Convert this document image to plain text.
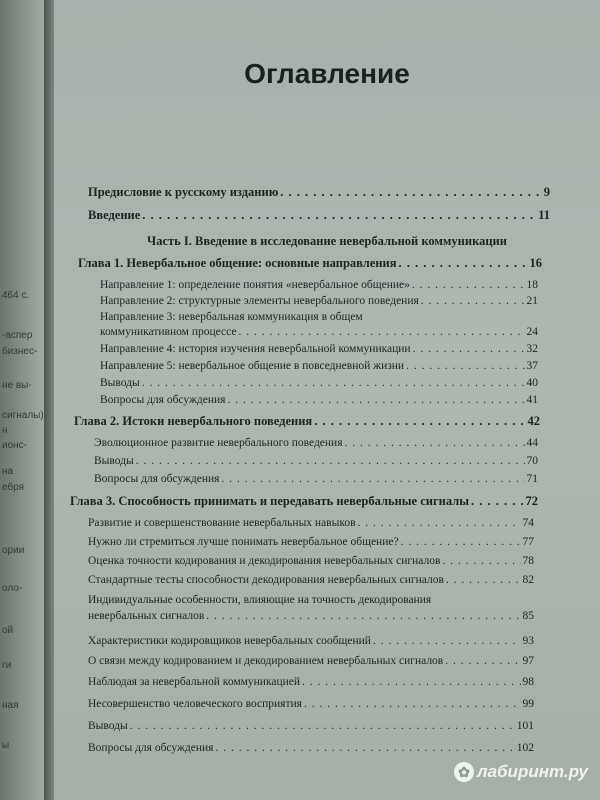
464 с.
-аспер
бизнес-
не вы-
сигналы)
н
ионс-
на
ебря
ории
оло-
ой
ги
ная
ы
Оглавление
Предисловие к русскому изданию . . .	9
Введение . . .	11
Часть I. Введение в исследование невербальной коммуникации
Глава 1. Невербальное общение: основные направления . . .	16
Направление 1: определение понятия «невербальное общение» . . .	18
Направление 2: структурные элементы невербального поведения . . .	21
Направление 3: невербальная коммуникация в общем
коммуникативном процессе . . .	24
Направление 4: история изучения невербальной коммуникации . . .	32
Направление 5: невербальное общение в повседневной жизни . . .	37
Выводы . . .	40
Вопросы для обсуждения . . .	41
Глава 2. Истоки невербального поведения . . .	42
Эволюционное развитие невербального поведения . . .	44
Выводы . . .	70
Вопросы для обсуждения . . .	71
Глава 3. Способность принимать и передавать невербальные сигналы . . .	72
Развитие и совершенствование невербальных навыков . . .	74
Нужно ли стремиться лучше понимать невербальное общение? . . .	77
Оценка точности кодирования и декодирования невербальных сигналов . . .	78
Стандартные тесты способности декодирования невербальных сигналов . . .	82
Индивидуальные особенности, влияющие на точность декодирования
невербальных сигналов . . .	85
Характеристики кодировщиков невербальных сообщений . . .	93
О связи между кодированием и декодированием невербальных сигналов . . .	97
Наблюдая за невербальной коммуникацией . . .	98
Несовершенство человеческого восприятия . . .	99
Выводы . . .	101
Вопросы для обсуждения . . .	102
✿ лабиринт.ру
